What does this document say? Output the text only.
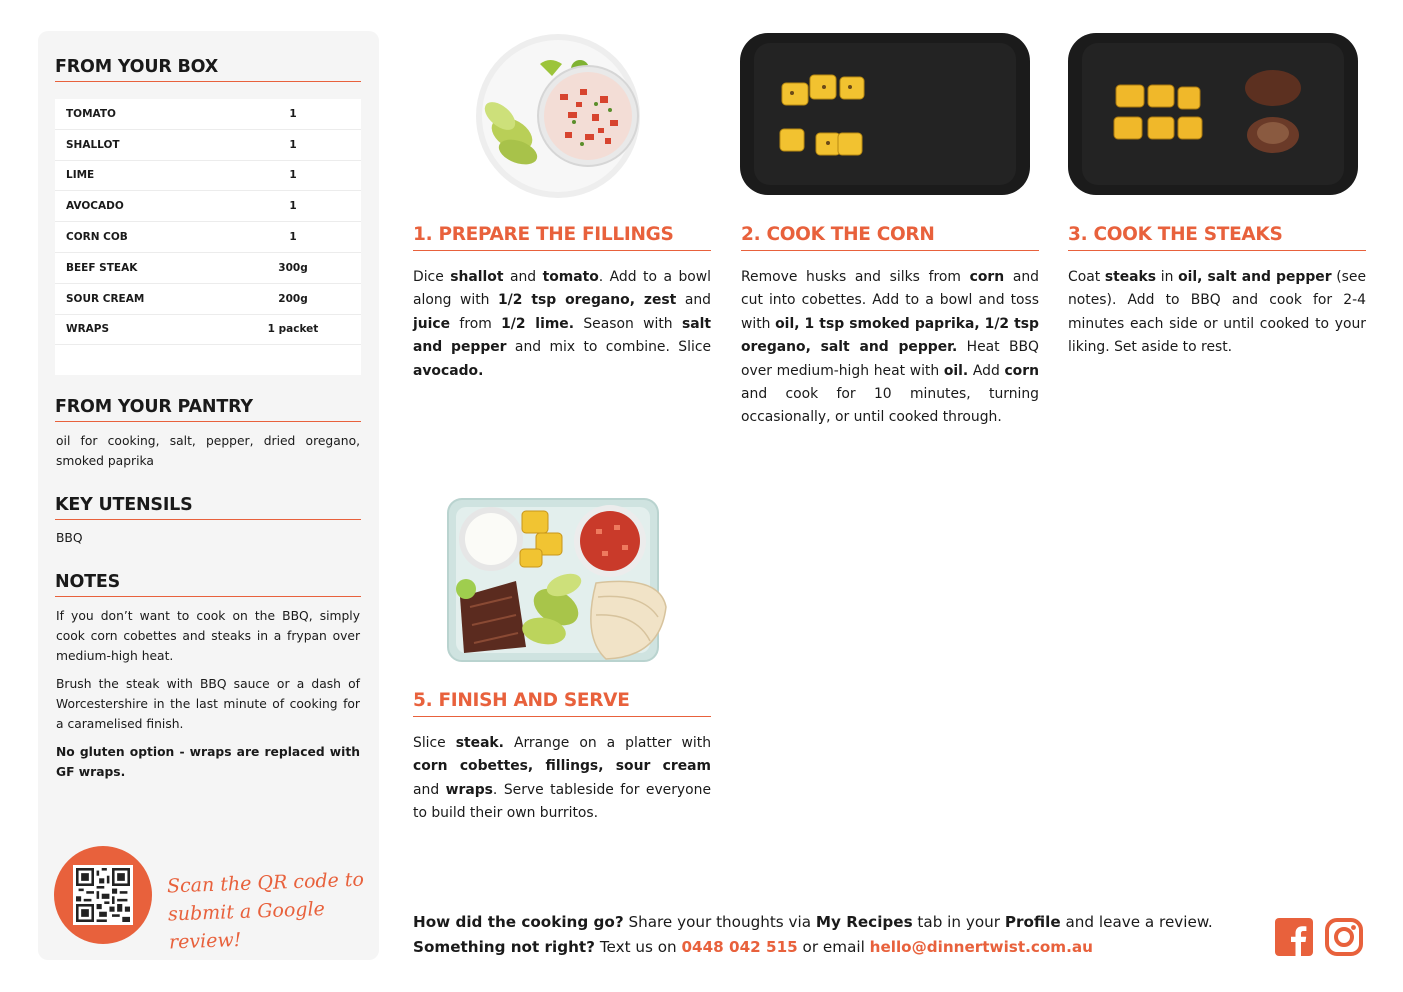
FROM YOUR BOX
TOMATO	1
SHALLOT	1
LIME	1
AVOCADO	1
CORN COB	1
BEEF STEAK	300g
SOUR CREAM	200g
WRAPS	1 packet
FROM YOUR PANTRY
oil for cooking, salt, pepper, dried oregano, smoked paprika
KEY UTENSILS
BBQ
NOTES

If you don’t want to cook on the BBQ, simply cook corn cobettes and steaks in a frypan over medium-high heat.

Brush the steak with BBQ sauce or a dash of Worcestershire in the last minute of cooking for a caramelised finish.

No gluten option - wraps are replaced with GF wraps.

Scan the QR code to
submit a Google review!
1. PREPARE THE FILLINGS
Dice shallot and tomato. Add to a bowl along with 1/2 tsp oregano, zest and juice from 1/2 lime. Season with salt and pepper and mix to combine. Slice avocado.
2. COOK THE CORN
Remove husks and silks from corn and cut into cobettes. Add to a bowl and toss with oil, 1 tsp smoked paprika, 1/2 tsp oregano, salt and pepper. Heat BBQ over medium-high heat with oil. Add corn and cook for 10 minutes, turning occasionally, or until cooked through.
3. COOK THE STEAKS
Coat steaks in oil, salt and pepper (see notes). Add to BBQ and cook for 2-4 minutes each side or until cooked to your liking. Set aside to rest.
5. FINISH AND SERVE
Slice steak. Arrange on a platter with corn cobettes, fillings, sour cream and wraps. Serve tableside for everyone to build their own burritos.
How did the cooking go? Share your thoughts via My Recipes tab in your Profile and leave a review.
Something not right? Text us on 0448 042 515 or email hello@dinnertwist.com.au
